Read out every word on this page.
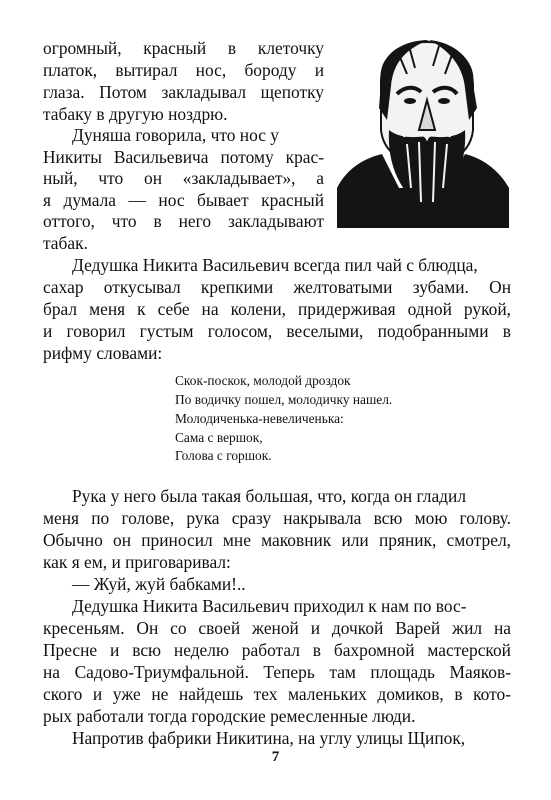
огромный, красный в клеточку
платок, вытирал нос, бороду и
глаза. Потом закладывал щепотку
табаку в другую ноздрю.
Дуняша говорила, что нос у
Никиты Васильевича потому крас-
ный, что он «закладывает», а
я думала — нос бывает красный
оттого, что в него закладывают
табак.
Дедушка Никита Васильевич всегда пил чай с блюдца,
сахар откусывал крепкими желтоватыми зубами. Он
брал меня к себе на колени, придерживая одной рукой,
и говорил густым голосом, веселыми, подобранными в
рифму словами:
Скок-поскок, молодой дроздок
По водичку пошел, молодичку нашел.
Молодиченька-невеличенька:
Сама с вершок,
Голова с горшок.
Рука у него была такая большая, что, когда он гладил
меня по голове, рука сразу накрывала всю мою голову.
Обычно он приносил мне маковник или пряник, смотрел,
как я ем, и приговаривал:
— Жуй, жуй бабками!..
Дедушка Никита Васильевич приходил к нам по вос-
кресеньям. Он со своей женой и дочкой Варей жил на
Пресне и всю неделю работал в бахромной мастерской
на Садово-Триумфальной. Теперь там площадь Маяков-
ского и уже не найдешь тех маленьких домиков, в кото-
рых работали тогда городские ремесленные люди.
Напротив фабрики Никитина, на углу улицы Щипок,
7
